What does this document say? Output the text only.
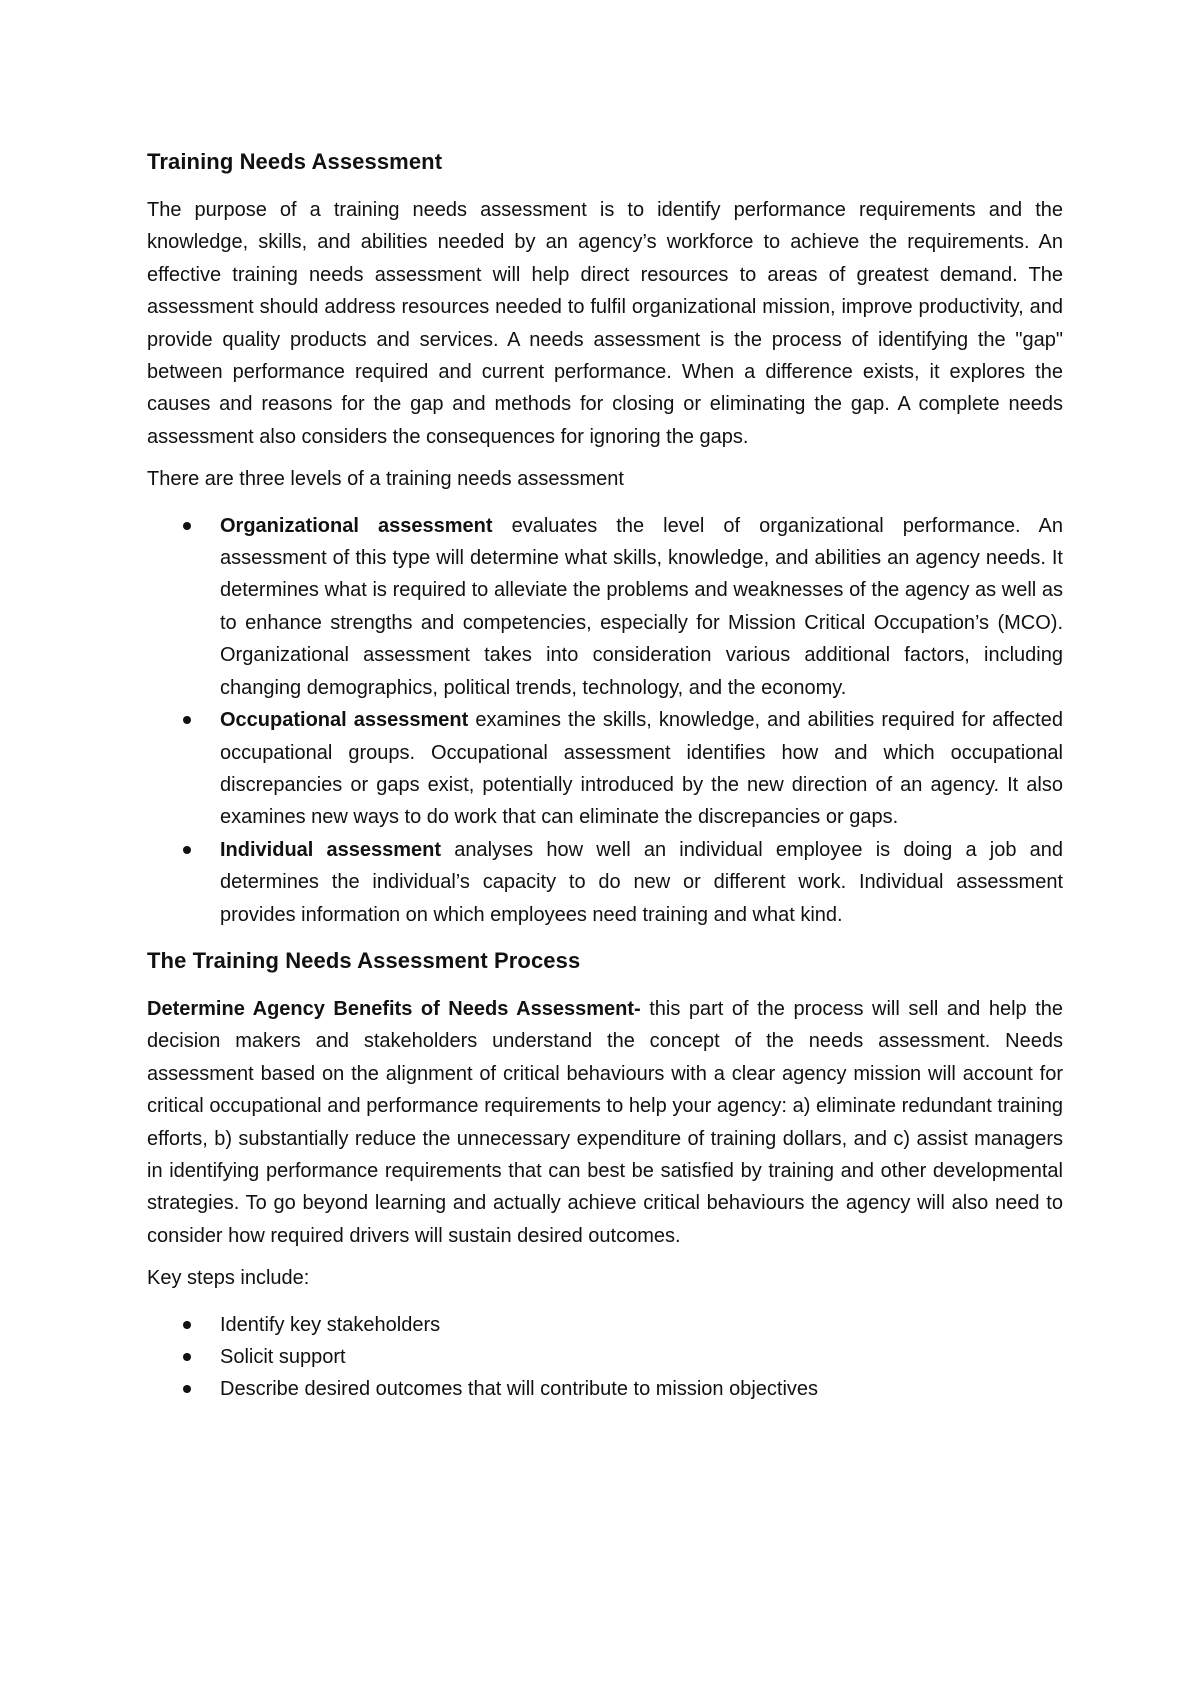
Training Needs Assessment

The purpose of a training needs assessment is to identify performance requirements and the knowledge, skills, and abilities needed by an agency’s workforce to achieve the requirements. An effective training needs assessment will help direct resources to areas of greatest demand. The assessment should address resources needed to fulfil organizational mission, improve productivity, and provide quality products and services. A needs assessment is the process of identifying the "gap" between performance required and current performance. When a difference exists, it explores the causes and reasons for the gap and methods for closing or eliminating the gap. A complete needs assessment also considers the consequences for ignoring the gaps.

There are three levels of a training needs assessment

Organizational assessment evaluates the level of organizational performance. An assessment of this type will determine what skills, knowledge, and abilities an agency needs. It determines what is required to alleviate the problems and weaknesses of the agency as well as to enhance strengths and competencies, especially for Mission Critical Occupation’s (MCO). Organizational assessment takes into consideration various additional factors, including changing demographics, political trends, technology, and the economy.
Occupational assessment examines the skills, knowledge, and abilities required for affected occupational groups. Occupational assessment identifies how and which occupational discrepancies or gaps exist, potentially introduced by the new direction of an agency. It also examines new ways to do work that can eliminate the discrepancies or gaps.
Individual assessment analyses how well an individual employee is doing a job and determines the individual’s capacity to do new or different work. Individual assessment provides information on which employees need training and what kind.
The Training Needs Assessment Process

Determine Agency Benefits of Needs Assessment- this part of the process will sell and help the decision makers and stakeholders understand the concept of the needs assessment. Needs assessment based on the alignment of critical behaviours with a clear agency mission will account for critical occupational and performance requirements to help your agency: a) eliminate redundant training efforts, b) substantially reduce the unnecessary expenditure of training dollars, and c) assist managers in identifying performance requirements that can best be satisfied by training and other developmental strategies. To go beyond learning and actually achieve critical behaviours the agency will also need to consider how required drivers will sustain desired outcomes.

Key steps include:

Identify key stakeholders
Solicit support
Describe desired outcomes that will contribute to mission objectives
